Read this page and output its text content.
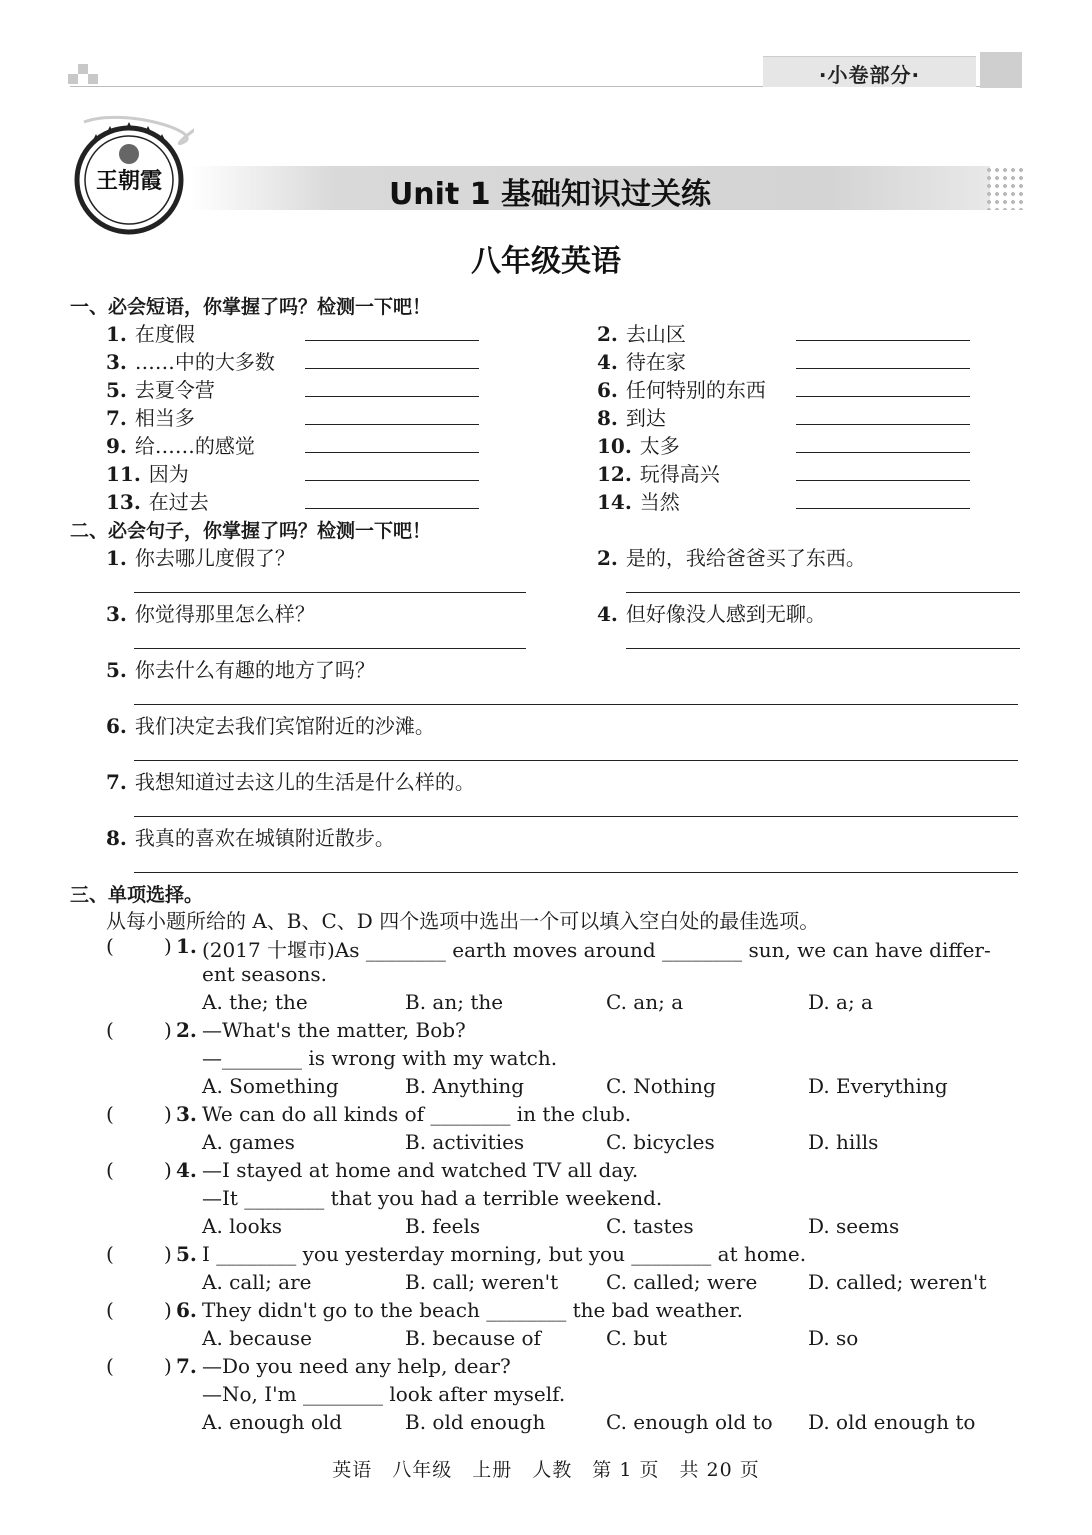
·小卷部分·
王朝霞	Unit 1 基础知识过关练
八年级英语
一、必会短语，你掌握了吗？检测一下吧！
1. 在度假	2. 去山区
3. ……中的大多数	4. 待在家
5. 去夏令营	6. 任何特别的东西
7. 相当多	8. 到达
9. 给……的感觉	10. 太多
11. 因为	12. 玩得高兴
13. 在过去	14. 当然
二、必会句子，你掌握了吗？检测一下吧！
1. 你去哪儿度假了？	2. 是的，我给爸爸买了东西。
3. 你觉得那里怎么样？	4. 但好像没人感到无聊。
5. 你去什么有趣的地方了吗？
6. 我们决定去我们宾馆附近的沙滩。
7. 我想知道过去这儿的生活是什么样的。
8. 我真的喜欢在城镇附近散步。
三、单项选择。
从每小题所给的 A、B、C、D 四个选项中选出一个可以填入空白处的最佳选项。
(	) 1. (2017 十堰市)As ________ earth moves around ________ sun, we can have differ-
ent seasons.
A. the; the	B. an; the	C. an; a	D. a; a
(	) 2. —What's the matter, Bob?
—________ is wrong with my watch.
A. Something	B. Anything	C. Nothing	D. Everything
(	) 3. We can do all kinds of ________ in the club.
A. games	B. activities	C. bicycles	D. hills
(	) 4. —I stayed at home and watched TV all day.
—It ________ that you had a terrible weekend.
A. looks	B. feels	C. tastes	D. seems
(	) 5. I ________ you yesterday morning, but you ________ at home.
A. call; are	B. call; weren't C. called; were	D. called; weren't
(	) 6. They didn't go to the beach ________ the bad weather.
A. because	B. because of	C. but	D. so
(	) 7. —Do you need any help, dear?
—No, I'm ________ look after myself.
A. enough old	B. old enough	C. enough old to D. old enough to
英语　八年级　上册　人教　第 1 页　共 20 页
